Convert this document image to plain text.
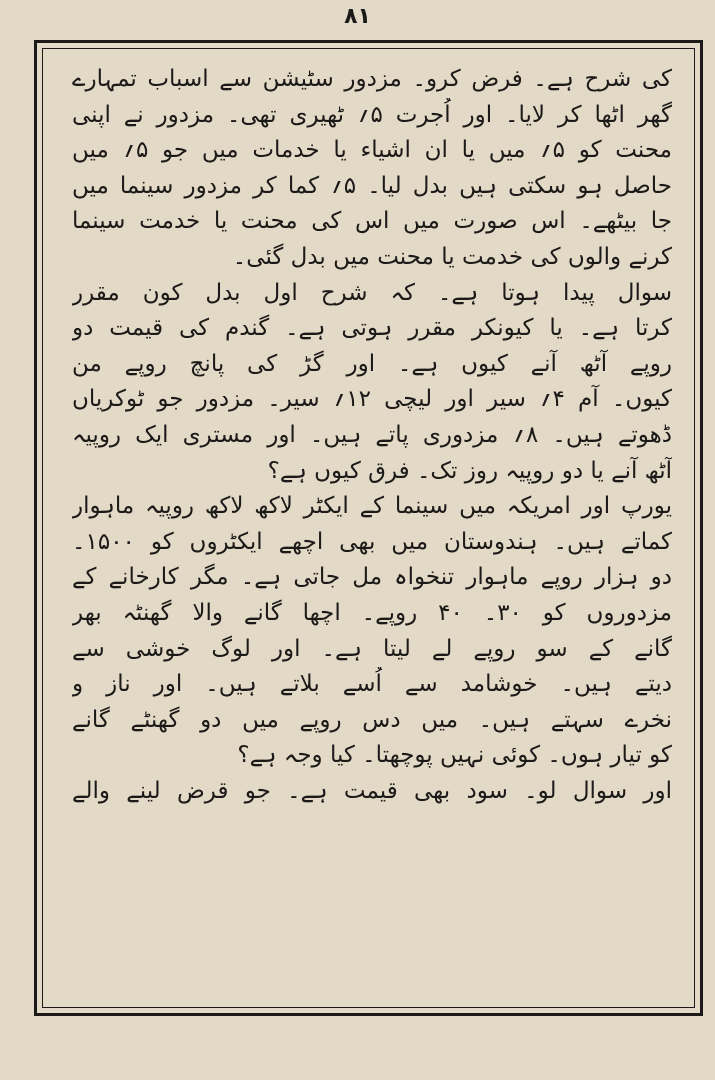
۸۱
کی شرح ہے۔ فرض کرو۔ مزدور سٹیشن سے اسباب تمہارے
گھر اٹھا کر لایا۔ اور اُجرت ۵؍ ٹھیری تھی۔ مزدور نے اپنی
محنت کو ۵؍ میں یا ان اشیاء یا خدمات میں جو ۵؍ میں
حاصل ہو سکتی ہیں بدل لیا۔ ۵؍ کما کر مزدور سینما میں
جا بیٹھے۔ اس صورت میں اس کی محنت یا خدمت سینما
کرنے والوں کی خدمت یا محنت میں بدل گئی۔
سوال پیدا ہوتا ہے۔ کہ شرح اول بدل کون مقرر
کرتا ہے۔ یا کیونکر مقرر ہوتی ہے۔ گندم کی قیمت دو
روپے آٹھ آنے کیوں ہے۔ اور گڑ کی پانچ روپے من
کیوں۔ آم ۴؍ سیر اور لیچی ۱۲؍ سیر۔ مزدور جو ٹوکریاں
ڈھوتے ہیں۔ ۸؍ مزدوری پاتے ہیں۔ اور مستری ایک روپیہ
آٹھ آنے یا دو روپیہ روز تک۔ فرق کیوں ہے؟
یورپ اور امریکہ میں سینما کے ایکٹر لاکھ لاکھ روپیہ ماہوار
کماتے ہیں۔ ہندوستان میں بھی اچھے ایکٹروں کو ۱۵۰۰۔
دو ہزار روپے ماہوار تنخواہ مل جاتی ہے۔ مگر کارخانے کے
مزدوروں کو ۳۰۔ ۴۰ روپے۔ اچھا گانے والا گھنٹہ بھر
گانے کے سو روپے لے لیتا ہے۔ اور لوگ خوشی سے
دیتے ہیں۔ خوشامد سے اُسے بلاتے ہیں۔ اور ناز و
نخرے سہتے ہیں۔ میں دس روپے میں دو گھنٹے گانے
کو تیار ہوں۔ کوئی نہیں پوچھتا۔ کیا وجہ ہے؟
اور سوال لو۔ سود بھی قیمت ہے۔ جو قرض لینے والے
